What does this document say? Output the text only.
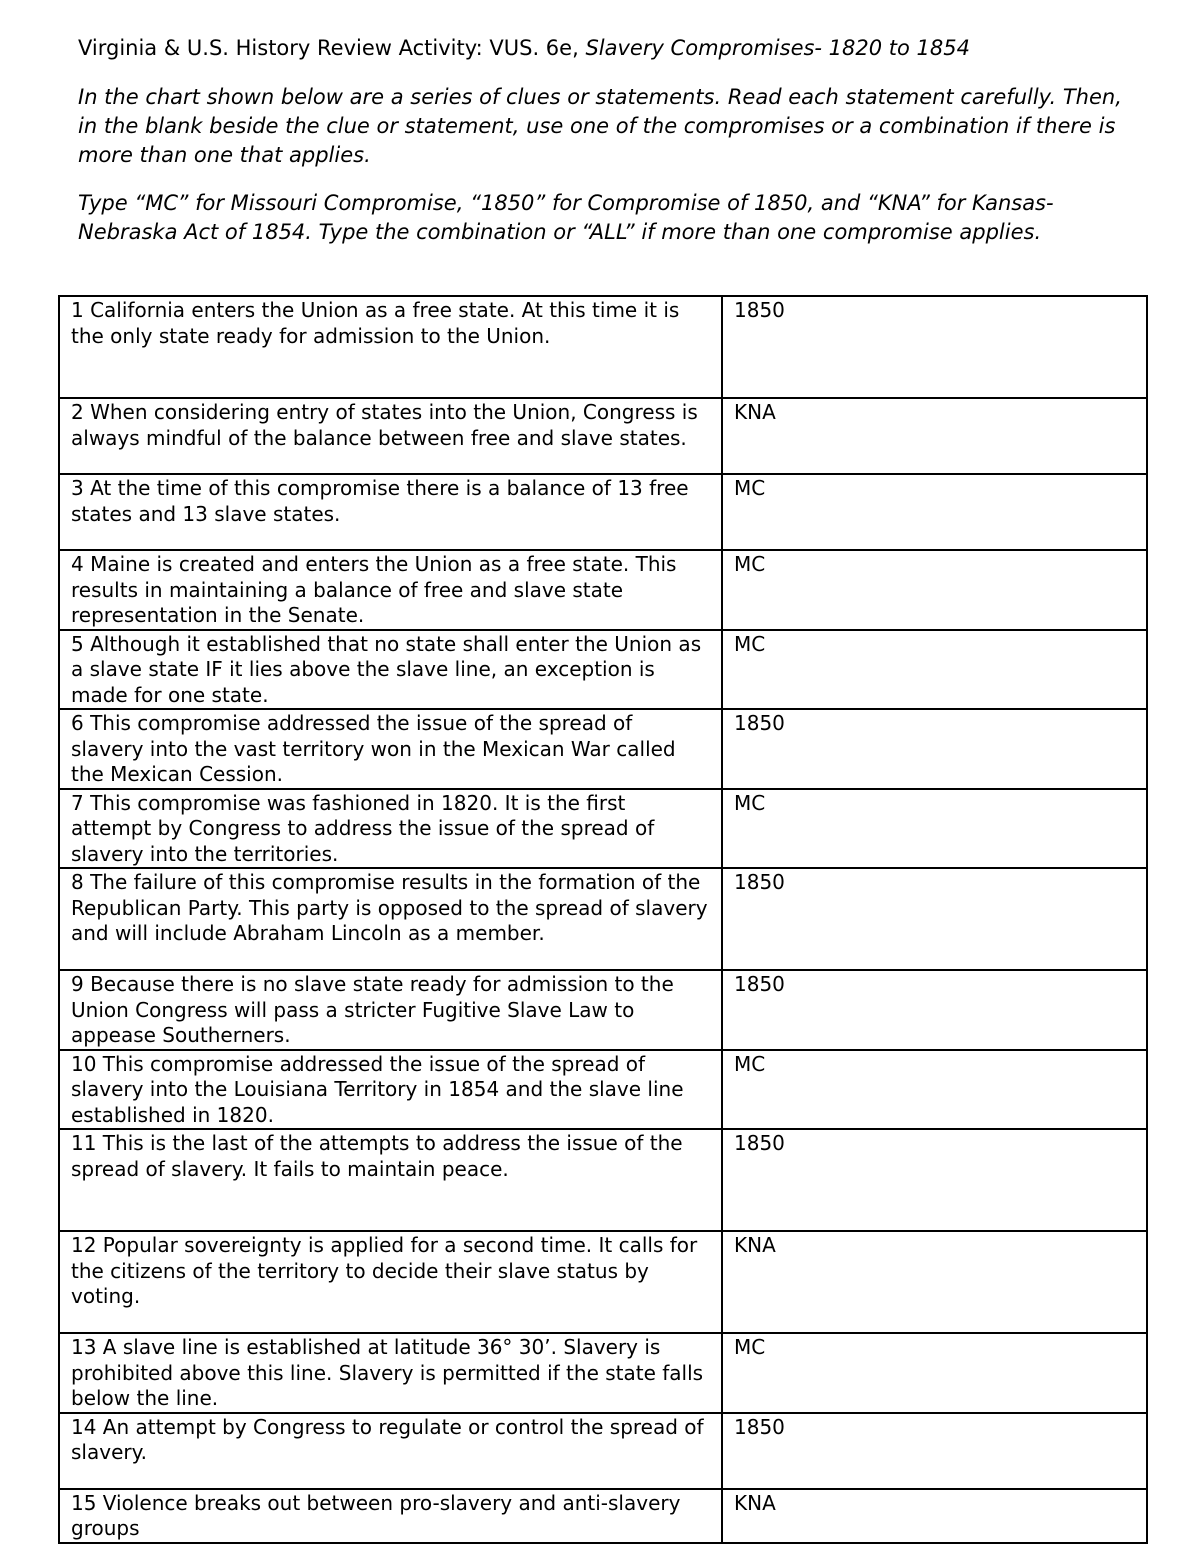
Virginia & U.S. History Review Activity: VUS. 6e, Slavery Compromises- 1820 to 1854

In the chart shown below are a series of clues or statements. Read each statement carefully. Then, in the blank beside the clue or statement, use one of the compromises or a combination if there is more than one that applies.

Type “MC” for Missouri Compromise, “1850” for Compromise of 1850, and “KNA” for Kansas-Nebraska Act of 1854. Type the combination or “ALL” if more than one compromise applies.

1 California enters the Union as a free state. At this time it is the only state ready for admission to the Union.	1850
2 When considering entry of states into the Union, Congress is always mindful of the balance between free and slave states.	KNA
3 At the time of this compromise there is a balance of 13 free states and 13 slave states.	MC
4 Maine is created and enters the Union as a free state. This results in maintaining a balance of free and slave state representation in the Senate.	MC
5 Although it established that no state shall enter the Union as a slave state IF it lies above the slave line, an exception is made for one state.	MC
6 This compromise addressed the issue of the spread of slavery into the vast territory won in the Mexican War called the Mexican Cession.	1850
7 This compromise was fashioned in 1820. It is the first attempt by Congress to address the issue of the spread of slavery into the territories.	MC
8 The failure of this compromise results in the formation of the Republican Party. This party is opposed to the spread of slavery and will include Abraham Lincoln as a member.	1850
9 Because there is no slave state ready for admission to the Union Congress will pass a stricter Fugitive Slave Law to appease Southerners.	1850
10 This compromise addressed the issue of the spread of slavery into the Louisiana Territory in 1854 and the slave line established in 1820.	MC
11 This is the last of the attempts to address the issue of the spread of slavery. It fails to maintain peace.	1850
12 Popular sovereignty is applied for a second time. It calls for the citizens of the territory to decide their slave status by voting.	KNA
13 A slave line is established at latitude 36° 30’. Slavery is prohibited above this line. Slavery is permitted if the state falls below the line.	MC
14 An attempt by Congress to regulate or control the spread of slavery.	1850
15 Violence breaks out between pro-slavery and anti-slavery groups	KNA
